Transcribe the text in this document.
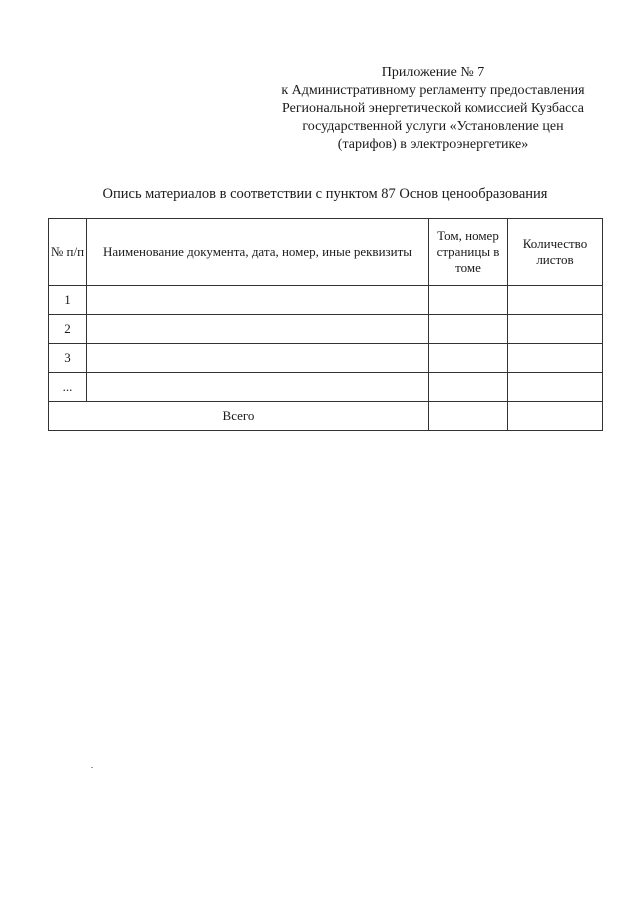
Приложение № 7
к Административному регламенту предоставления
Региональной энергетической комиссией Кузбасса
государственной услуги «Установление цен
(тарифов) в электроэнергетике»
Опись материалов в соответствии с пунктом 87 Основ ценообразования
№ п/п	Наименование документа, дата, номер, иные реквизиты	Том, номер страницы в томе	Количество листов
1			
2			
3			
...			
Всего			
